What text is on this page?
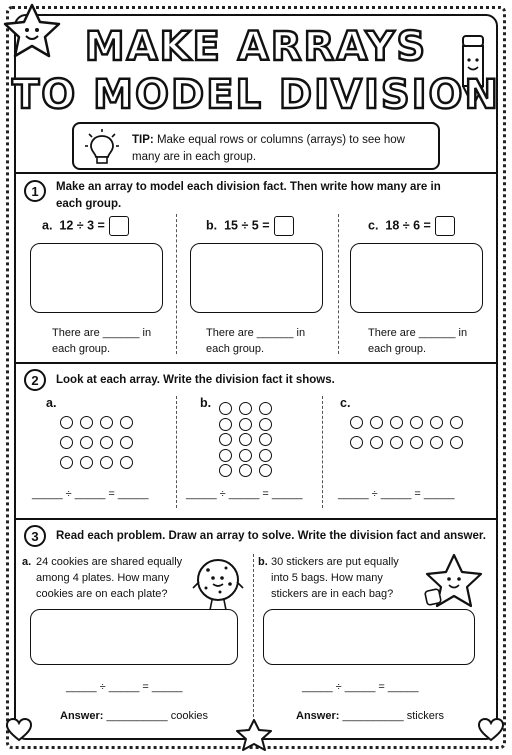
MAKE ARRAYS
TO MODEL DIVISION
TIP: Make equal rows or columns (arrays) to see how many are in each group.
1	Make an array to model each division fact. Then write how many are in each group.
a. 12 ÷ 3 =	b. 15 ÷ 5 =	c. 18 ÷ 6 =
There are ______ in
each group.
There are ______ in
each group.
There are ______ in
each group.
2	Look at each array. Write the division fact it shows.
a.	b.	c.
_____ ÷ _____ = _____	_____ ÷ _____ = _____	_____ ÷ _____ = _____
3	Read each problem. Draw an array to solve. Write the division fact and answer.
a. 24 cookies are shared equally among 4 plates. How many cookies are on each plate?
b. 30 stickers are put equally into 5 bags. How many stickers are in each bag?
_____ ÷ _____ = _____	_____ ÷ _____ = _____
Answer: __________ cookies	Answer: __________ stickers
